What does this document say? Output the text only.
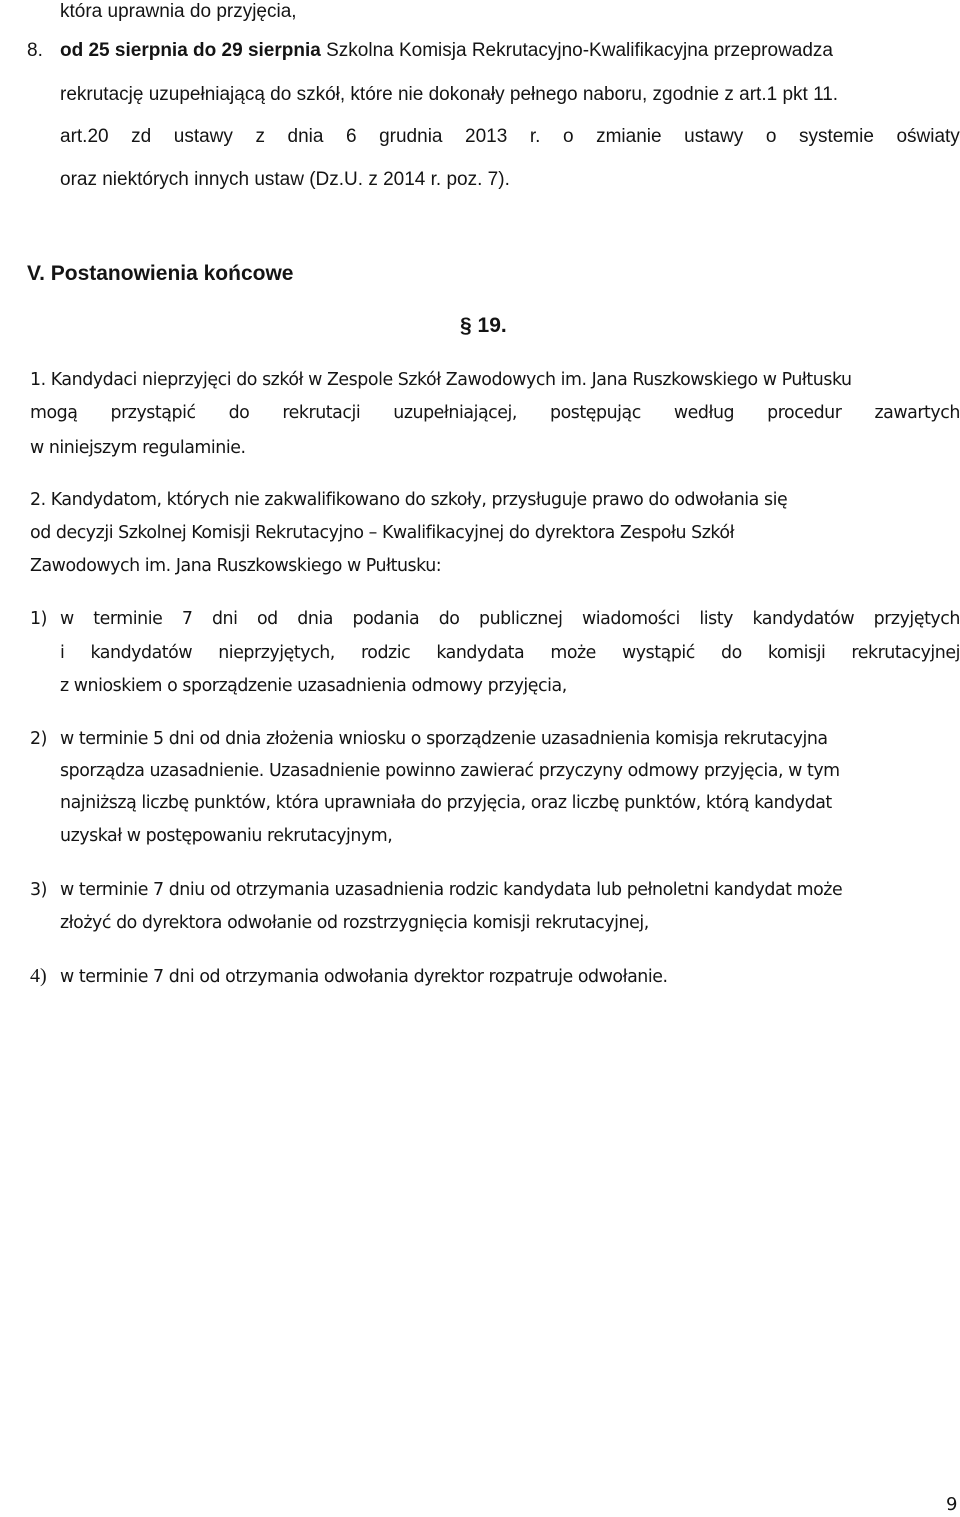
która uprawnia do przyjęcia,
8. od 25 sierpnia do 29 sierpnia Szkolna Komisja Rekrutacyjno-Kwalifikacyjna przeprowadza
rekrutację uzupełniającą do szkół, które nie dokonały pełnego naboru, zgodnie z art.1 pkt 11.
art.20 zd ustawy z dnia 6 grudnia 2013 r. o zmianie ustawy o systemie oświaty
oraz niektórych innych ustaw (Dz.U. z 2014 r. poz. 7).
V. Postanowienia końcowe
§ 19.
1. Kandydaci nieprzyjęci do szkół w Zespole Szkół Zawodowych im. Jana Ruszkowskiego w Pułtusku
mogą przystąpić do rekrutacji uzupełniającej, postępując według procedur zawartych
w niniejszym regulaminie.
2. Kandydatom, których nie zakwalifikowano do szkoły, przysługuje prawo do odwołania się
od decyzji Szkolnej Komisji Rekrutacyjno – Kwalifikacyjnej do dyrektora Zespołu Szkół
Zawodowych im. Jana Ruszkowskiego w Pułtusku:
1) w terminie 7 dni od dnia podania do publicznej wiadomości listy kandydatów przyjętych
i kandydatów nieprzyjętych, rodzic kandydata może wystąpić do komisji rekrutacyjnej
z wnioskiem o sporządzenie uzasadnienia odmowy przyjęcia,
2) w terminie 5 dni od dnia złożenia wniosku o sporządzenie uzasadnienia komisja rekrutacyjna
sporządza uzasadnienie. Uzasadnienie powinno zawierać przyczyny odmowy przyjęcia, w tym
najniższą liczbę punktów, która uprawniała do przyjęcia, oraz liczbę punktów, którą kandydat
uzyskał w postępowaniu rekrutacyjnym,
3) w terminie 7 dniu od otrzymania uzasadnienia rodzic kandydata lub pełnoletni kandydat może
złożyć do dyrektora odwołanie od rozstrzygnięcia komisji rekrutacyjnej,
4) w terminie 7 dni od otrzymania odwołania dyrektor rozpatruje odwołanie.
9
